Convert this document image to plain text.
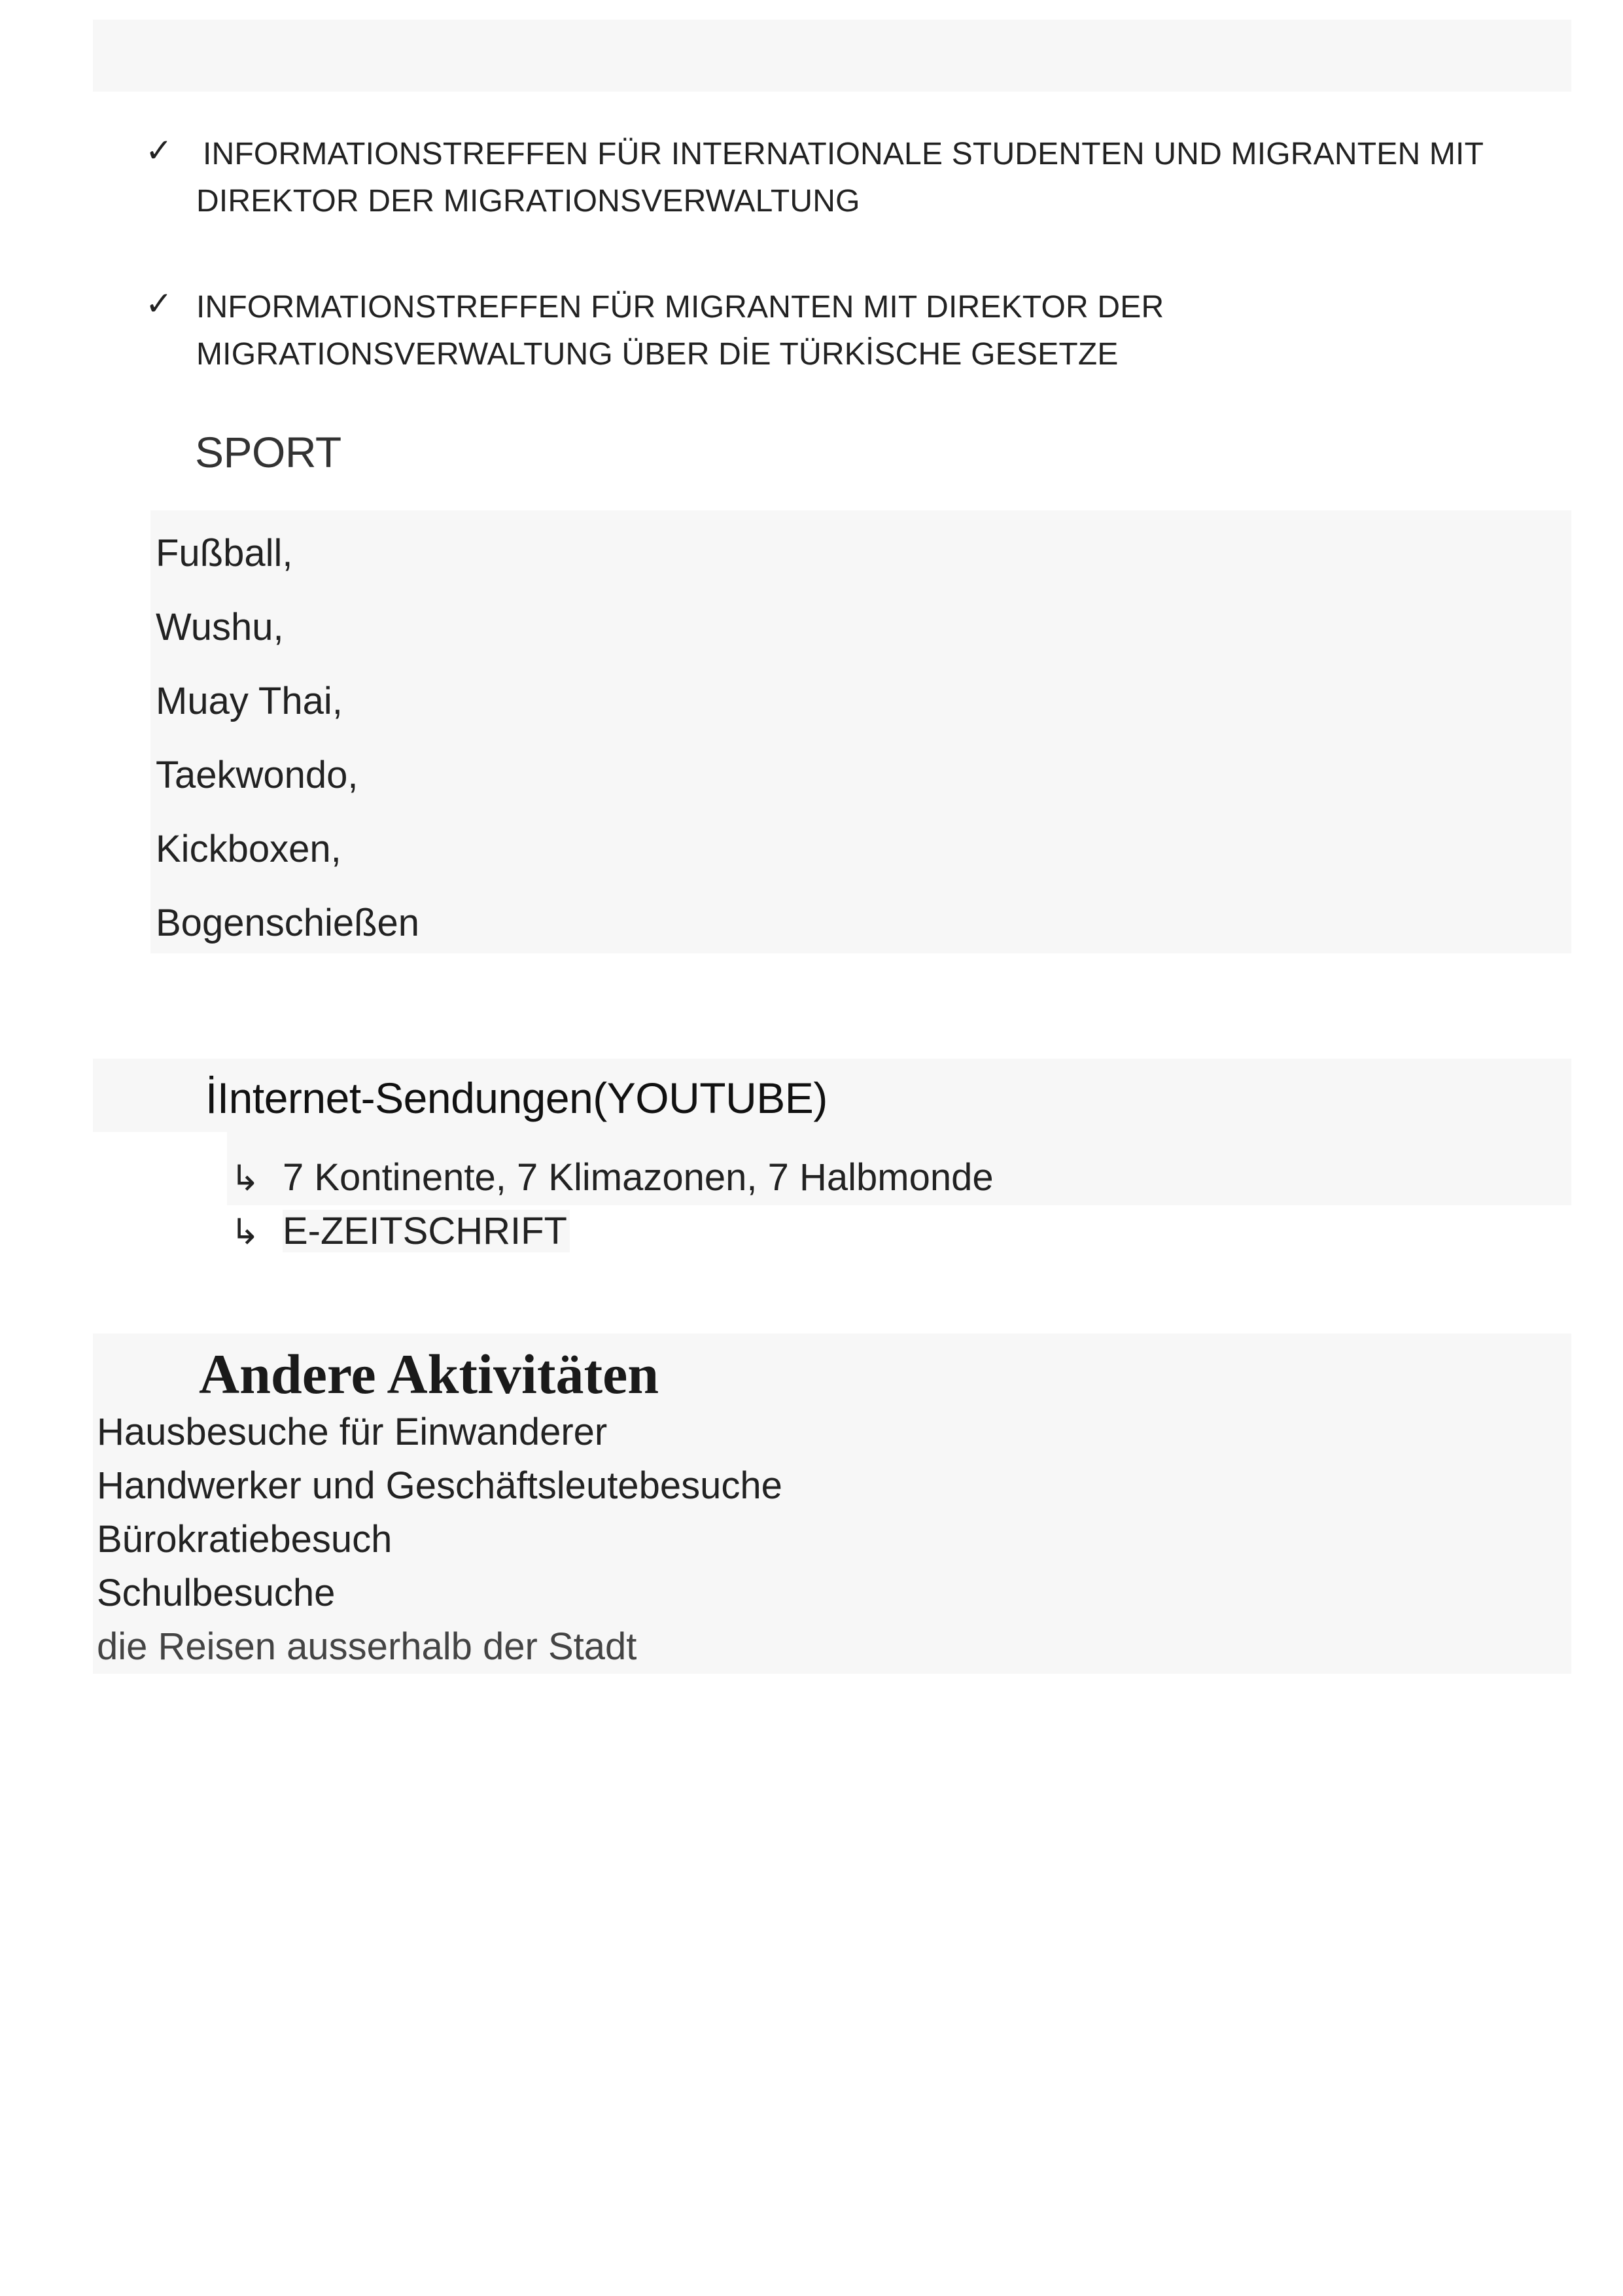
✓ INFORMATIONSTREFFEN FÜR INTERNATIONALE STUDENTEN UND MIGRANTEN MIT
DIREKTOR DER MIGRATIONSVERWALTUNG
✓ INFORMATIONSTREFFEN FÜR MIGRANTEN MIT DIREKTOR DER
MIGRATIONSVERWALTUNG ÜBER DİE TÜRKİSCHE GESETZE
SPORT
Fußball,
Wushu,
Muay Thai,
Taekwondo,
Kickboxen,
Bogenschießen
İInternet-Sendungen(YOUTUBE)
↳ 7 Kontinente, 7 Klimazonen, 7 Halbmonde
↳ E-ZEITSCHRIFT
Andere Aktivitäten
Hausbesuche für Einwanderer
Handwerker und Geschäftsleutebesuche
Bürokratiebesuch
Schulbesuche
die Reisen ausserhalb der Stadt
